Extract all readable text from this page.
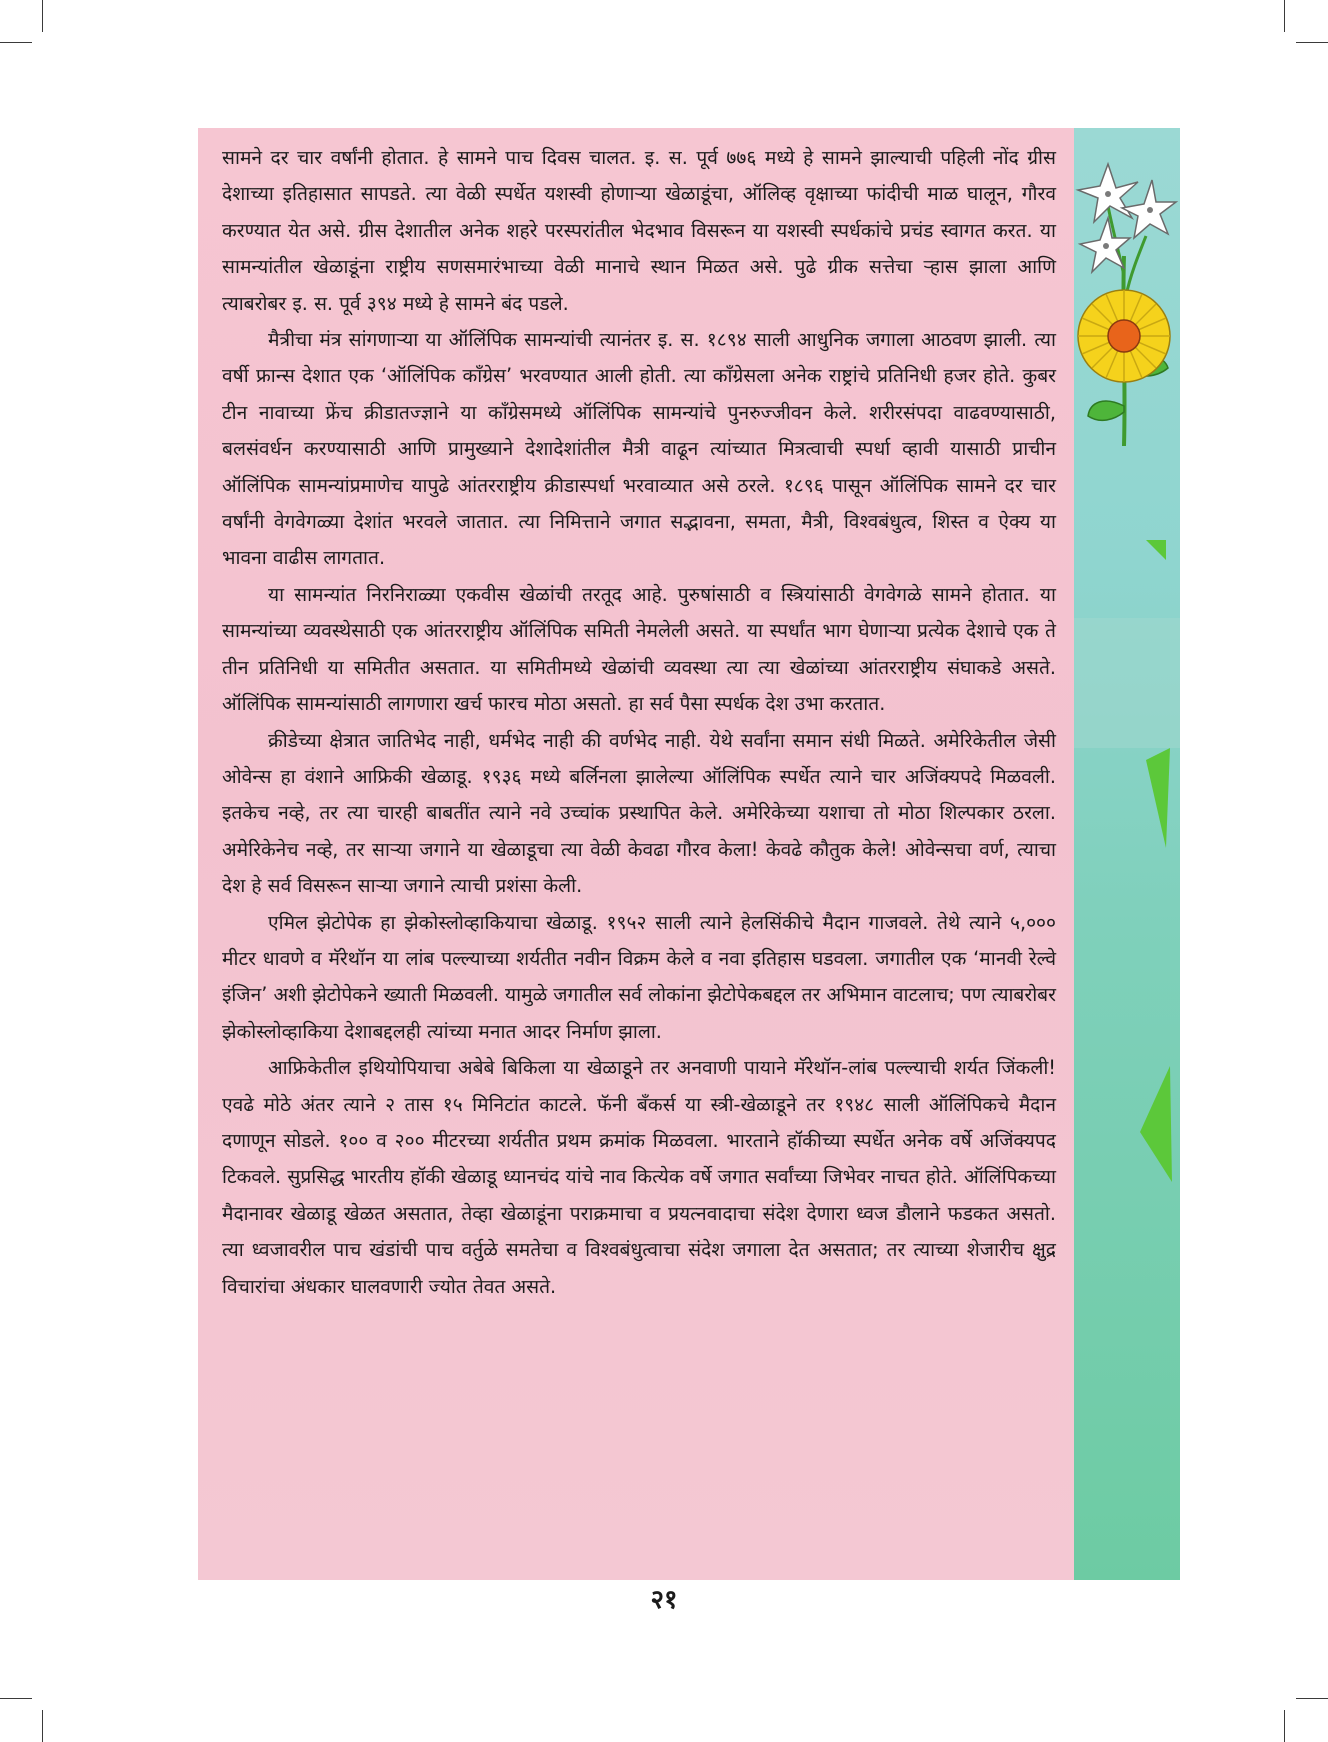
सामने दर चार वर्षांनी होतात. हे सामने पाच दिवस चालत. इ. स. पूर्व ७७६ मध्ये हे सामने झाल्याची पहिली नोंद ग्रीस देशाच्या इतिहासात सापडते. त्या वेळी स्पर्धेत यशस्वी होणाऱ्या खेळाडूंचा, ऑलिव्ह वृक्षाच्या फांदीची माळ घालून, गौरव करण्यात येत असे. ग्रीस देशातील अनेक शहरे परस्परांतील भेदभाव विसरून या यशस्वी स्पर्धकांचे प्रचंड स्वागत करत. या सामन्यांतील खेळाडूंना राष्ट्रीय सणसमारंभाच्या वेळी मानाचे स्थान मिळत असे. पुढे ग्रीक सत्तेचा ऱ्हास झाला आणि त्याबरोबर इ. स. पूर्व ३९४ मध्ये हे सामने बंद पडले.

मैत्रीचा मंत्र सांगणाऱ्या या ऑलिंपिक सामन्यांची त्यानंतर इ. स. १८९४ साली आधुनिक जगाला आठवण झाली. त्या वर्षी फ्रान्स देशात एक ‘ऑलिंपिक काँग्रेस’ भरवण्यात आली होती. त्या काँग्रेसला अनेक राष्ट्रांचे प्रतिनिधी हजर होते. कुबर टीन नावाच्या फ्रेंच क्रीडातज्ज्ञाने या काँग्रेसमध्ये ऑलिंपिक सामन्यांचे पुनरुज्जीवन केले. शरीरसंपदा वाढवण्यासाठी, बलसंवर्धन करण्यासाठी आणि प्रामुख्याने देशादेशांतील मैत्री वाढून त्यांच्यात मित्रत्वाची स्पर्धा व्हावी यासाठी प्राचीन ऑलिंपिक सामन्यांप्रमाणेच यापुढे आंतरराष्ट्रीय क्रीडास्पर्धा भरवाव्यात असे ठरले. १८९६ पासून ऑलिंपिक सामने दर चार वर्षांनी वेगवेगळ्या देशांत भरवले जातात. त्या निमित्ताने जगात सद्भावना, समता, मैत्री, विश्वबंधुत्व, शिस्त व ऐक्य या भावना वाढीस लागतात.

या सामन्यांत निरनिराळ्या एकवीस खेळांची तरतूद आहे. पुरुषांसाठी व स्त्रियांसाठी वेगवेगळे सामने होतात. या सामन्यांच्या व्यवस्थेसाठी एक आंतरराष्ट्रीय ऑलिंपिक समिती नेमलेली असते. या स्पर्धांत भाग घेणाऱ्या प्रत्येक देशाचे एक ते तीन प्रतिनिधी या समितीत असतात. या समितीमध्ये खेळांची व्यवस्था त्या त्या खेळांच्या आंतरराष्ट्रीय संघाकडे असते. ऑलिंपिक सामन्यांसाठी लागणारा खर्च फारच मोठा असतो. हा सर्व पैसा स्पर्धक देश उभा करतात.

क्रीडेच्या क्षेत्रात जातिभेद नाही, धर्मभेद नाही की वर्णभेद नाही. येथे सर्वांना समान संधी मिळते. अमेरिकेतील जेसी ओवेन्स हा वंशाने आफ्रिकी खेळाडू. १९३६ मध्ये बर्लिनला झालेल्या ऑलिंपिक स्पर्धेत त्याने चार अजिंक्यपदे मिळवली. इतकेच नव्हे, तर त्या चारही बाबतींत त्याने नवे उच्चांक प्रस्थापित केले. अमेरिकेच्या यशाचा तो मोठा शिल्पकार ठरला. अमेरिकेनेच नव्हे, तर साऱ्या जगाने या खेळाडूचा त्या वेळी केवढा गौरव केला! केवढे कौतुक केले! ओवेन्सचा वर्ण, त्याचा देश हे सर्व विसरून साऱ्या जगाने त्याची प्रशंसा केली.

एमिल झेटोपेक हा झेकोस्लोव्हाकियाचा खेळाडू. १९५२ साली त्याने हेलसिंकीचे मैदान गाजवले. तेथे त्याने ५,००० मीटर धावणे व मॅरेथॉन या लांब पल्ल्याच्या शर्यतीत नवीन विक्रम केले व नवा इतिहास घडवला. जगातील एक ‘मानवी रेल्वे इंजिन’ अशी झेटोपेकने ख्याती मिळवली. यामुळे जगातील सर्व लोकांना झेटोपेकबद्दल तर अभिमान वाटलाच; पण त्याबरोबर झेकोस्लोव्हाकिया देशाबद्दलही त्यांच्या मनात आदर निर्माण झाला.

आफ्रिकेतील इथियोपियाचा अबेबे बिकिला या खेळाडूने तर अनवाणी पायाने मॅरेथॉन-लांब पल्ल्याची शर्यत जिंकली! एवढे मोठे अंतर त्याने २ तास १५ मिनिटांत काटले. फॅनी बँकर्स या स्त्री-खेळाडूने तर १९४८ साली ऑलिंपिकचे मैदान दणाणून सोडले. १०० व २०० मीटरच्या शर्यतीत प्रथम क्रमांक मिळवला. भारताने हॉकीच्या स्पर्धेत अनेक वर्षे अजिंक्यपद टिकवले. सुप्रसिद्ध भारतीय हॉकी खेळाडू ध्यानचंद यांचे नाव कित्येक वर्षे जगात सर्वांच्या जिभेवर नाचत होते. ऑलिंपिकच्या मैदानावर खेळाडू खेळत असतात, तेव्हा खेळाडूंना पराक्रमाचा व प्रयत्नवादाचा संदेश देणारा ध्वज डौलाने फडकत असतो. त्या ध्वजावरील पाच खंडांची पाच वर्तुळे समतेचा व विश्वबंधुत्वाचा संदेश जगाला देत असतात; तर त्याच्या शेजारीच क्षुद्र विचारांचा अंधकार घालवणारी ज्योत तेवत असते.

२१
